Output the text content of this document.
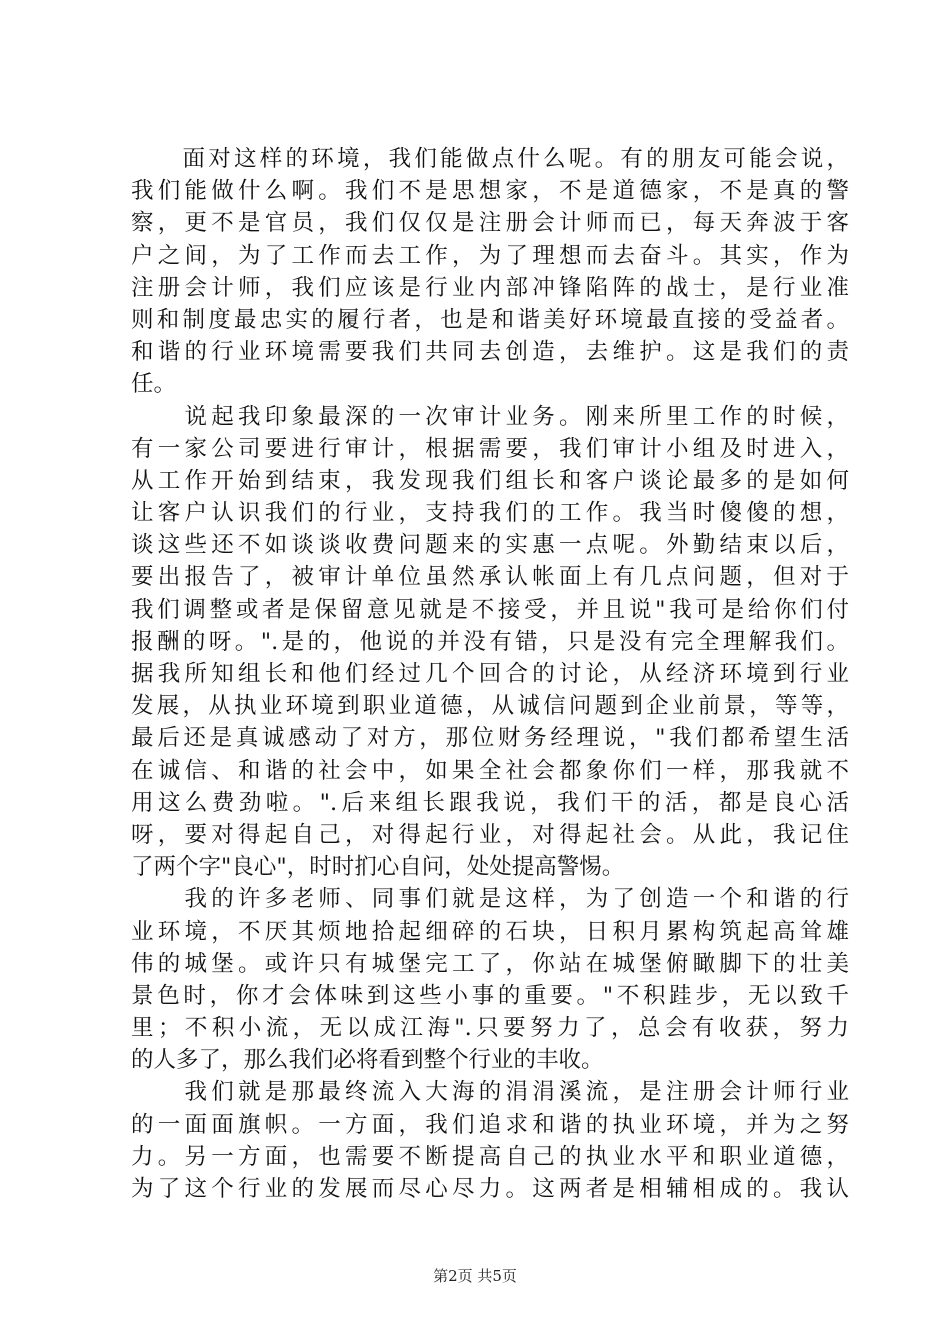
　　面对这样的环境，我们能做点什么呢。有的朋友可能会说，
我们能做什么啊。我们不是思想家，不是道德家，不是真的警
察，更不是官员，我们仅仅是注册会计师而已，每天奔波于客
户之间，为了工作而去工作，为了理想而去奋斗。其实，作为
注册会计师，我们应该是行业内部冲锋陷阵的战士，是行业准
则和制度最忠实的履行者，也是和谐美好环境最直接的受益者。
和谐的行业环境需要我们共同去创造，去维护。这是我们的责
任。
　　说起我印象最深的一次审计业务。刚来所里工作的时候，
有一家公司要进行审计，根据需要，我们审计小组及时进入，
从工作开始到结束，我发现我们组长和客户谈论最多的是如何
让客户认识我们的行业，支持我们的工作。我当时傻傻的想，
谈这些还不如谈谈收费问题来的实惠一点呢。外勤结束以后，
要出报告了，被审计单位虽然承认帐面上有几点问题，但对于
我们调整或者是保留意见就是不接受，并且说"我可是给你们付
报酬的呀。".是的，他说的并没有错，只是没有完全理解我们。
据我所知组长和他们经过几个回合的讨论，从经济环境到行业
发展，从执业环境到职业道德，从诚信问题到企业前景，等等，
最后还是真诚感动了对方，那位财务经理说，"我们都希望生活
在诚信、和谐的社会中，如果全社会都象你们一样，那我就不
用这么费劲啦。".后来组长跟我说，我们干的活，都是良心活
呀，要对得起自己，对得起行业，对得起社会。从此，我记住
了两个字"良心"，时时扪心自问，处处提高警惕。
　　我的许多老师、同事们就是这样，为了创造一个和谐的行
业环境，不厌其烦地拾起细碎的石块，日积月累构筑起高耸雄
伟的城堡。或许只有城堡完工了，你站在城堡俯瞰脚下的壮美
景色时，你才会体味到这些小事的重要。"不积跬步，无以致千
里；不积小流，无以成江海".只要努力了，总会有收获，努力
的人多了，那么我们必将看到整个行业的丰收。
　　我们就是那最终流入大海的涓涓溪流，是注册会计师行业
的一面面旗帜。一方面，我们追求和谐的执业环境，并为之努
力。另一方面，也需要不断提高自己的执业水平和职业道德，
为了这个行业的发展而尽心尽力。这两者是相辅相成的。我认
第2页 共5页
